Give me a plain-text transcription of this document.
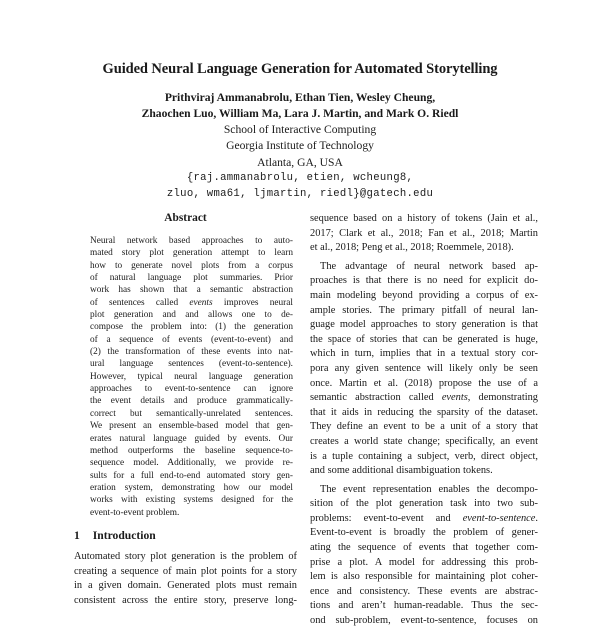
Guided Neural Language Generation for Automated Storytelling
Prithviraj Ammanabrolu, Ethan Tien, Wesley Cheung,
Zhaochen Luo, William Ma, Lara J. Martin, and Mark O. Riedl
School of Interactive Computing
Georgia Institute of Technology
Atlanta, GA, USA
{raj.ammanabrolu, etien, wcheung8,
zluo, wma61, ljmartin, riedl}@gatech.edu
Abstract
Neural network based approaches to auto-
mated story plot generation attempt to learn
how to generate novel plots from a corpus
of natural language plot summaries. Prior
work has shown that a semantic abstraction
of sentences called events improves neural
plot generation and and allows one to de-
compose the problem into: (1) the generation
of a sequence of events (event-to-event) and
(2) the transformation of these events into nat-
ural language sentences (event-to-sentence).
However, typical neural language generation
approaches to event-to-sentence can ignore
the event details and produce grammatically-
correct but semantically-unrelated sentences.
We present an ensemble-based model that gen-
erates natural language guided by events. Our
method outperforms the baseline sequence-to-
sequence model. Additionally, we provide re-
sults for a full end-to-end automated story gen-
eration system, demonstrating how our model
works with existing systems designed for the
event-to-event problem.
1 Introduction
Automated story plot generation is the problem of
creating a sequence of main plot points for a story
in a given domain. Generated plots must remain
consistent across the entire story, preserve long-
sequence based on a history of tokens (Jain et al.,
2017; Clark et al., 2018; Fan et al., 2018; Martin
et al., 2018; Peng et al., 2018; Roemmele, 2018).
The advantage of neural network based ap-
proaches is that there is no need for explicit do-
main modeling beyond providing a corpus of ex-
ample stories. The primary pitfall of neural lan-
guage model approaches to story generation is that
the space of stories that can be generated is huge,
which in turn, implies that in a textual story cor-
pora any given sentence will likely only be seen
once. Martin et al. (2018) propose the use of a
semantic abstraction called events, demonstrating
that it aids in reducing the sparsity of the dataset.
They define an event to be a unit of a story that
creates a world state change; specifically, an event
is a tuple containing a subject, verb, direct object,
and some additional disambiguation tokens.
The event representation enables the decompo-
sition of the plot generation task into two sub-
problems: event-to-event and event-to-sentence.
Event-to-event is broadly the problem of gener-
ating the sequence of events that together com-
prise a plot. A model for addressing this prob-
lem is also responsible for maintaining plot coher-
ence and consistency. These events are abstrac-
tions and aren’t human-readable. Thus the sec-
ond sub-problem, event-to-sentence, focuses on
